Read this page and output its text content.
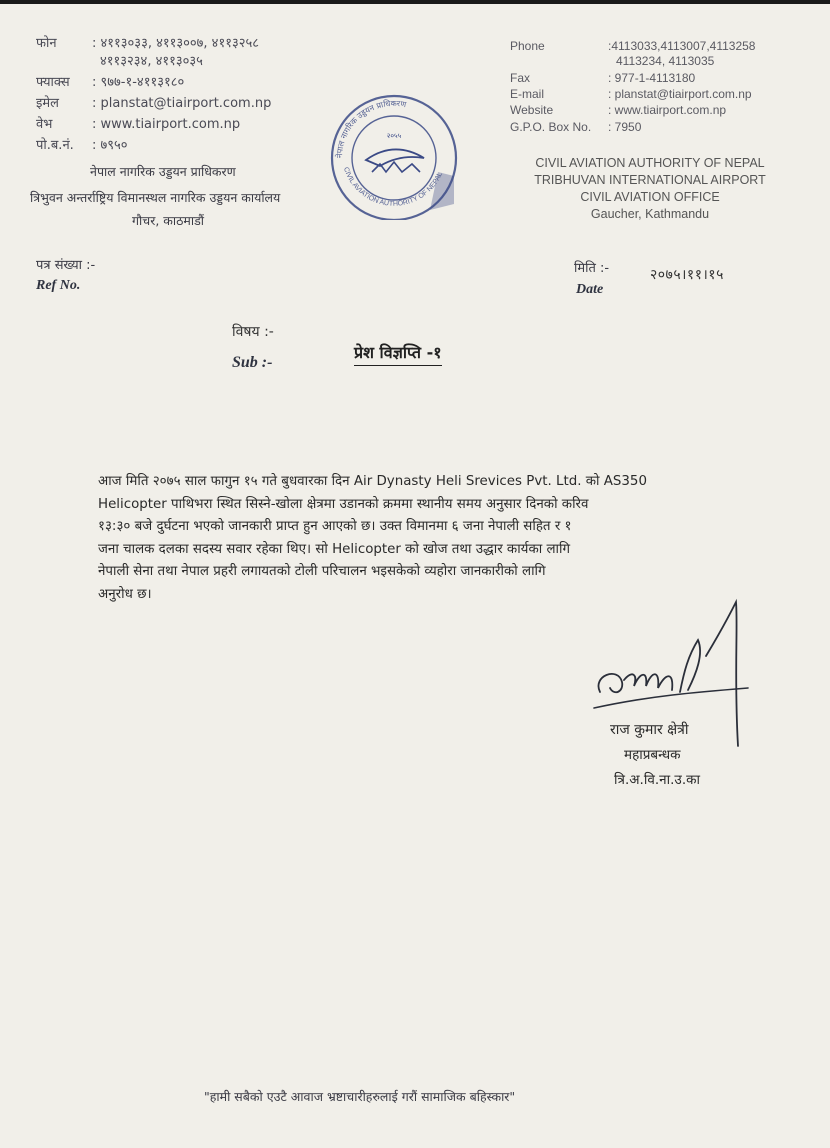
फोन	: ४११३०३३, ४११३००७, ४११३२५८
४११३२३४, ४११३०३५
फ्याक्स : ९७७-१-४११३१८०
इमेल	: planstat@tiairport.com.np
वेभ	: www.tiairport.com.np
पो.ब.नं. : ७९५०
नेपाल नागरिक उड्डयन प्राधिकरण
त्रिभुवन अन्तर्राष्ट्रिय विमानस्थल नागरिक उड्डयन कार्यालय
गौचर, काठमाडौं
नेपाल नागरिक उड्डयन प्राधिकरण
CIVIL AVIATION AUTHORITY OF NEPAL
२०५५
Phone	:4113033,4113007,4113258
4113234, 4113035
Fax	: 977-1-4113180
E-mail	: planstat@tiairport.com.np
Website	: www.tiairport.com.np
G.P.O. Box No. : 7950
CIVIL AVIATION AUTHORITY OF NEPAL
TRIBHUVAN INTERNATIONAL AIRPORT
CIVIL AVIATION OFFICE
Gaucher, Kathmandu
पत्र संख्या :-
Ref No.
मिति :-
Date
२०७५।११।१५
विषय :-
Sub :-
प्रेश विज्ञप्ति -१
आज मिति २०७५ साल फागुन १५ गते बुधवारका दिन Air Dynasty Heli Srevices Pvt. Ltd. को AS350
Helicopter पाथिभरा स्थित सिस्ने-खोला क्षेत्रमा उडानको क्रममा स्थानीय समय अनुसार दिनको करिव
१३:३० बजे दुर्घटना भएको जानकारी प्राप्त हुन आएको छ। उक्त विमानमा ६ जना नेपाली सहित र १
जना चालक दलका सदस्य सवार रहेका थिए। सो Helicopter को खोज तथा उद्धार कार्यका लागि
नेपाली सेना तथा नेपाल प्रहरी लगायतको टोली परिचालन भइसकेको व्यहोरा जानकारीको लागि
अनुरोध छ।
राज कुमार क्षेत्री
महाप्रबन्धक
त्रि.अ.वि.ना.उ.का
"हामी सबैको एउटै आवाज भ्रष्टाचारीहरुलाई गरौं सामाजिक बहिस्कार"
